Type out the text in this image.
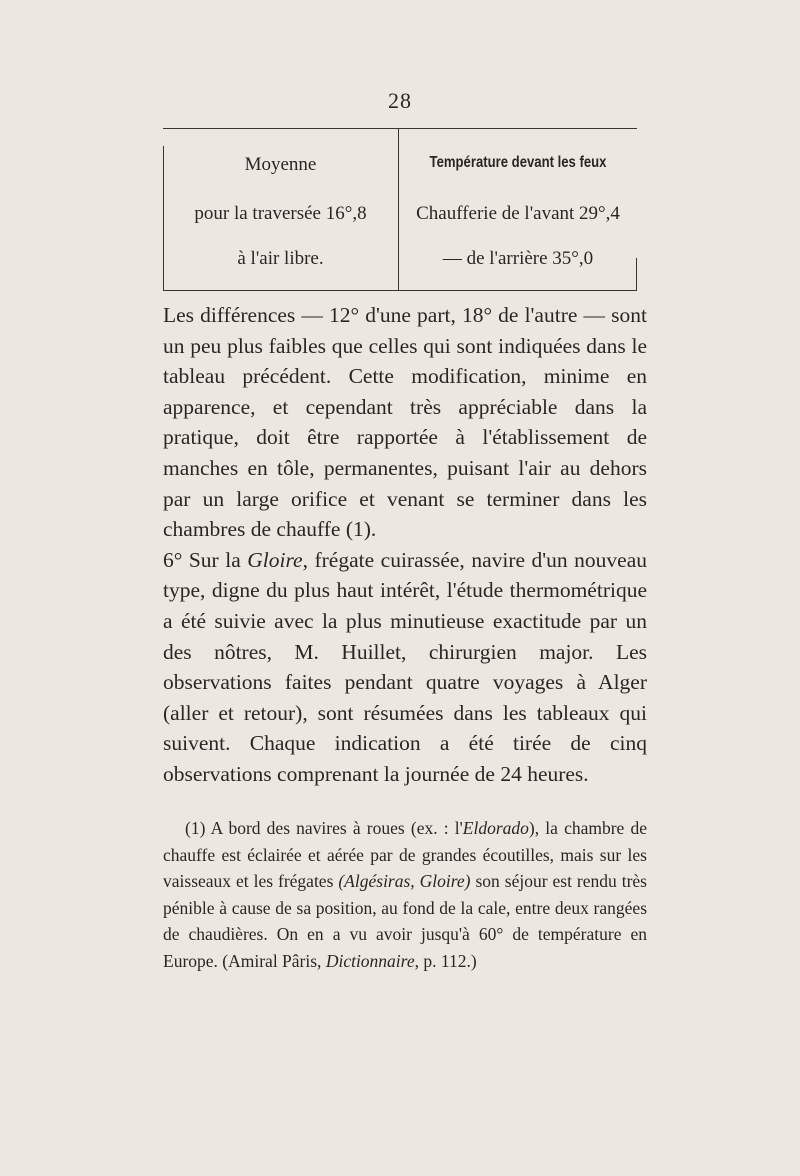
28
Moyenne
pour la traversée 16°,8
à l'air libre.
Température devant les feux
Chaufferie de l'avant 29°,4
— de l'arrière 35°,0

Les différences — 12° d'une part, 18° de l'autre — sont un peu plus faibles que celles qui sont indiquées dans le tableau précédent. Cette modification, minime en apparence, et cependant très appréciable dans la pratique, doit être rapportée à l'établissement de manches en tôle, permanentes, puisant l'air au dehors par un large orifice et venant se terminer dans les chambres de chauffe (1).

6° Sur la Gloire, frégate cuirassée, navire d'un nouveau type, digne du plus haut intérêt, l'étude thermométrique a été suivie avec la plus minutieuse exactitude par un des nôtres, M. Huillet, chirurgien major. Les observations faites pendant quatre voyages à Alger (aller et retour), sont résumées dans les tableaux qui suivent. Chaque indication a été tirée de cinq observations comprenant la journée de 24 heures.

(1) A bord des navires à roues (ex. : l'Eldorado), la chambre de chauffe est éclairée et aérée par de grandes écoutilles, mais sur les vaisseaux et les frégates (Algésiras, Gloire) son séjour est rendu très pénible à cause de sa position, au fond de la cale, entre deux rangées de chaudières. On en a vu avoir jusqu'à 60° de température en Europe. (Amiral Pâris, Dictionnaire, p. 112.)
